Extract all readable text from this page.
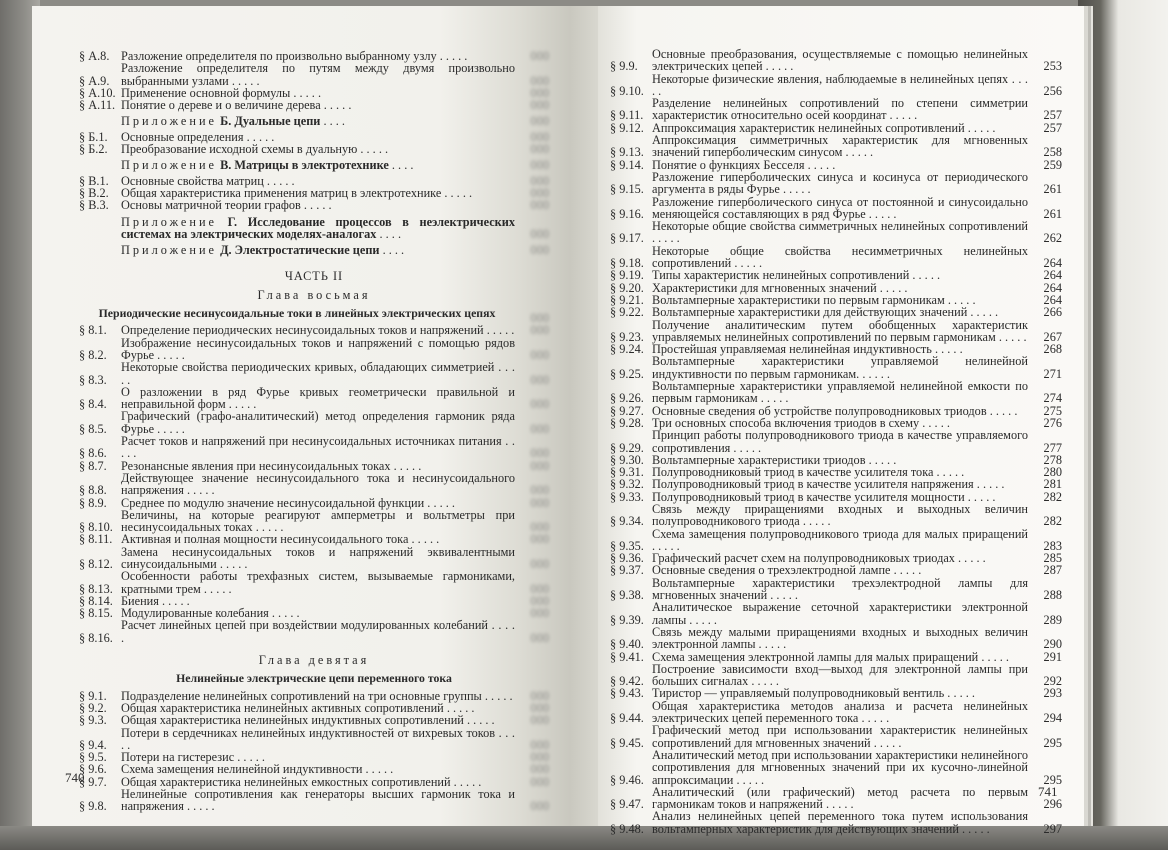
§ А.8. Разложение определителя по произвольно выбранному узлу . . . . .	000
§ А.9.
Разложение определителя по путям между двумя произвольно выбранными узлами . . . . .	000
§ А.10. Применение основной формулы . . . . .	000
§ А.11. Понятие о дереве и о величине дерева . . . . .	000
Приложение Б. Дуальные цепи . . . .	000
§ Б.1.	Основные определения . . . . .	000
§ Б.2.	Преобразование исходной схемы в дуальную . . . . .	000
Приложение В. Матрицы в электротехнике . . . .	000
§ В.1. Основные свойства матриц . . . . .	000
§ В.2. Общая характеристика применения матриц в электротехнике . . . . .	000
§ В.3. Основы матричной теории графов . . . . .	000
Приложение Г. Исследование процессов в неэлектрических системах на электрических моделях-аналогах . . . .	000
Приложение Д. Электростатические цепи . . . .	000

ЧАСТЬ II

Глава восьмая

Периодические несинусоидальные токи в линейных электрических цепях	000
§ 8.1.	Определение периодических несинусоидальных токов и напряжений . . . . .	000
§ 8.2.
Изображение несинусоидальных токов и напряжений с помощью рядов Фурье . . . . .	000
§ 8.3.
Некоторые свойства периодических кривых, обладающих симметрией . . . . .	000
§ 8.4.
О разложении в ряд Фурье кривых геометрически правильной и неправильной форм . . . . .	000
§ 8.5.
Графический (графо-аналитический) метод определения гармоник ряда Фурье . . . . .	000
§ 8.6.
Расчет токов и напряжений при несинусоидальных источниках питания . . . . .	000
§ 8.7.	Резонансные явления при несинусоидальных токах . . . . .	000
§ 8.8.
Действующее значение несинусоидального тока и несинусоидального напряжения . . . . .	000
§ 8.9.	Среднее по модулю значение несинусоидальной функции . . . . .	000
§ 8.10.
Величины, на которые реагируют амперметры и вольтметры при несинусоидальных токах . . . . .	000
§ 8.11. Активная и полная мощности несинусоидального тока . . . . .	000
§ 8.12.
Замена несинусоидальных токов и напряжений эквивалентными синусоидальными . . . . .	000
§ 8.13.
Особенности работы трехфазных систем, вызываемые гармониками, кратными трем . . . . .	000
§ 8.14. Биения . . . . .	000
§ 8.15. Модулированные колебания . . . . .	000
§ 8.16.
Расчет линейных цепей при воздействии модулированных колебаний . . . . .	000

Глава девятая

Нелинейные электрические цепи переменного тока

§ 9.1.	Подразделение нелинейных сопротивлений на три основные группы . . . . .	000
§ 9.2.	Общая характеристика нелинейных активных сопротивлений . . . . .	000
§ 9.3.	Общая характеристика нелинейных индуктивных сопротивлений . . . . .	000
§ 9.4.
Потери в сердечниках нелинейных индуктивностей от вихревых токов . . . . .	000
§ 9.5.	Потери на гистерезис . . . . .	000
§ 9.6.	Схема замещения нелинейной индуктивности . . . . .	000
§ 9.7.	Общая характеристика нелинейных емкостных сопротивлений . . . . .	000
§ 9.8.
Нелинейные сопротивления как генераторы высших гармоник тока и напряжения . . . . .	000
740
§ 9.9.
Основные преобразования, осуществляемые с помощью нелинейных электрических цепей . . . . .	253
§ 9.10.
Некоторые физические явления, наблюдаемые в нелинейных цепях . . . . .	256
§ 9.11.
Разделение нелинейных сопротивлений по степени симметрии характеристик относительно осей координат . . . . .	257
§ 9.12. Аппроксимация характеристик нелинейных сопротивлений . . . . .	257
§ 9.13.
Аппроксимация симметричных характеристик для мгновенных значений гиперболическим синусом . . . . .	258
§ 9.14. Понятие о функциях Бесселя . . . . .	259
§ 9.15.
Разложение гиперболических синуса и косинуса от периодического аргумента в ряды Фурье . . . . .	261
§ 9.16.
Разложение гиперболического синуса от постоянной и синусоидально меняющейся составляющих в ряд Фурье . . . . .	261
§ 9.17.
Некоторые общие свойства симметричных нелинейных сопротивлений . . . . .	262
§ 9.18.
Некоторые общие свойства несимметричных нелинейных сопротивлений . . . . .	264
§ 9.19. Типы характеристик нелинейных сопротивлений . . . . .	264
§ 9.20. Характеристики для мгновенных значений . . . . .	264
§ 9.21. Вольтамперные характеристики по первым гармоникам . . . . .	264
§ 9.22. Вольтамперные характеристики для действующих значений . . . . .	266
§ 9.23.
Получение аналитическим путем обобщенных характеристик управляемых нелинейных сопротивлений по первым гармоникам . . . . .	267
§ 9.24. Простейшая управляемая нелинейная индуктивность . . . . .	268
§ 9.25.
Вольтамперные характеристики управляемой нелинейной индуктивности по первым гармоникам. . . . . .	271
§ 9.26.
Вольтамперные характеристики управляемой нелинейной емкости по первым гармоникам . . . . .	274
§ 9.27. Основные сведения об устройстве полупроводниковых триодов . . . . .	275
§ 9.28. Три основных способа включения триодов в схему . . . . .	276
§ 9.29.
Принцип работы полупроводникового триода в качестве управляемого сопротивления . . . . .	277
§ 9.30. Вольтамперные характеристики триодов . . . . .	278
§ 9.31. Полупроводниковый триод в качестве усилителя тока . . . . .	280
§ 9.32. Полупроводниковый триод в качестве усилителя напряжения . . . . .	281
§ 9.33. Полупроводниковый триод в качестве усилителя мощности . . . . .	282
§ 9.34.
Связь между приращениями входных и выходных величин полупроводникового триода . . . . .	282
§ 9.35.
Схема замещения полупроводникового триода для малых приращений . . . . .	283
§ 9.36. Графический расчет схем на полупроводниковых триодах . . . . .	285
§ 9.37. Основные сведения о трехэлектродной лампе . . . . .	287
§ 9.38.
Вольтамперные характеристики трехэлектродной лампы для мгновенных значений . . . . .	288
§ 9.39.
Аналитическое выражение сеточной характеристики электронной лампы . . . . .	289
§ 9.40.
Связь между малыми приращениями входных и выходных величин электронной лампы . . . . .	290
§ 9.41. Схема замещения электронной лампы для малых приращений . . . . .	291
§ 9.42.
Построение зависимости вход—выход для электронной лампы при больших сигналах . . . . .	292
§ 9.43. Тиристор — управляемый полупроводниковый вентиль . . . . .	293
§ 9.44.
Общая характеристика методов анализа и расчета нелинейных электрических цепей переменного тока . . . . .	294
§ 9.45.
Графический метод при использовании характеристик нелинейных сопротивлений для мгновенных значений . . . . .	295
§ 9.46.
Аналитический метод при использовании характеристики нелинейного сопротивления для мгновенных значений при их кусочно-линейной аппроксимации . . . . .	295
§ 9.47.
Аналитический (или графический) метод расчета по первым гармоникам токов и напряжений . . . . .	296
§ 9.48.
Анализ нелинейных цепей переменного тока путем использования вольтамперных характеристик для действующих значений . . . . .	297
741
